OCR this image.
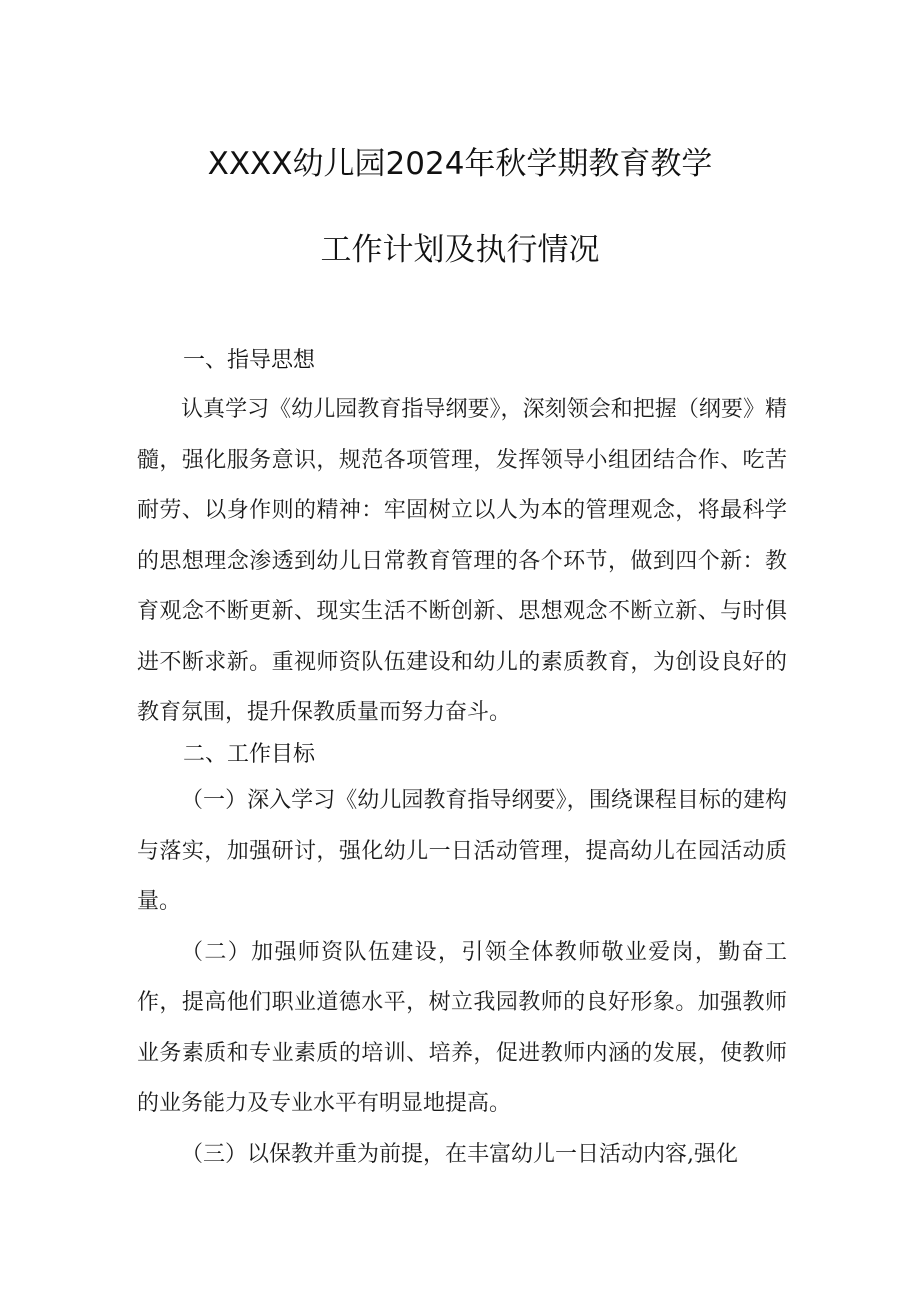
XXXX幼儿园2024年秋学期教育教学
工作计划及执行情况
一、指导思想

认真学习《幼儿园教育指导纲要》，深刻领会和把握（纲要》精髓，强化服务意识，规范各项管理，发挥领导小组团结合作、吃苦耐劳、以身作则的精神：牢固树立以人为本的管理观念，将最科学的思想理念渗透到幼儿日常教育管理的各个环节，做到四个新：教育观念不断更新、现实生活不断创新、思想观念不断立新、与时俱进不断求新。重视师资队伍建设和幼儿的素质教育，为创设良好的教育氛围，提升保教质量而努力奋斗。

二、工作目标

（一）深入学习《幼儿园教育指导纲要》，围绕课程目标的建构与落实，加强研讨，强化幼儿一日活动管理，提高幼儿在园活动质量。

（二）加强师资队伍建设，引领全体教师敬业爱岗，勤奋工作，提高他们职业道德水平，树立我园教师的良好形象。加强教师业务素质和专业素质的培训、培养，促进教师内涵的发展，使教师的业务能力及专业水平有明显地提高。

（三）以保教并重为前提，在丰富幼儿一日活动内容,强化
